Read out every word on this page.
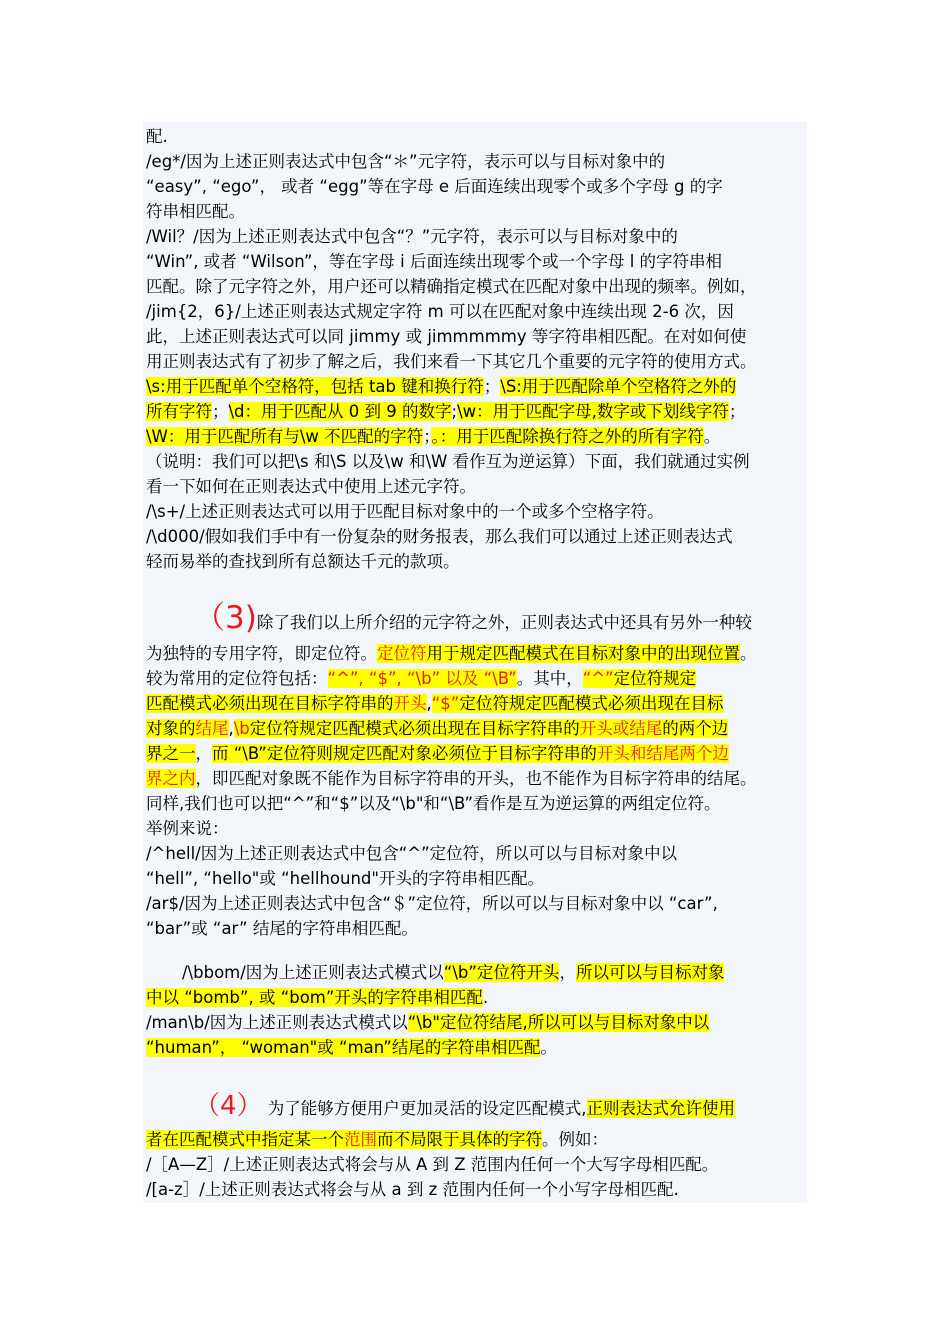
配.
/eg*/因为上述正则表达式中包含“＊”元字符，表示可以与目标对象中的
“easy”, “ego”， 或者 “egg”等在字母 e 后面连续出现零个或多个字母 g 的字
符串相匹配。
/Wil？/因为上述正则表达式中包含“？”元字符，表示可以与目标对象中的
“Win”, 或者 “Wilson”，等在字母 i 后面连续出现零个或一个字母 l 的字符串相
匹配。除了元字符之外，用户还可以精确指定模式在匹配对象中出现的频率。例如，
/jim{2，6}/上述正则表达式规定字符 m 可以在匹配对象中连续出现 2-6 次，因
此，上述正则表达式可以同 jimmy 或 jimmmmmy 等字符串相匹配。在对如何使
用正则表达式有了初步了解之后，我们来看一下其它几个重要的元字符的使用方式。
\s:用于匹配单个空格符，包括 tab 键和换行符；\S:用于匹配除单个空格符之外的
所有字符；\d：用于匹配从 0 到 9 的数字;\w：用于匹配字母,数字或下划线字符；
\W：用于匹配所有与\w 不匹配的字符；。：用于匹配除换行符之外的所有字符。
（说明：我们可以把\s 和\S 以及\w 和\W 看作互为逆运算）下面，我们就通过实例
看一下如何在正则表达式中使用上述元字符。
/\s+/上述正则表达式可以用于匹配目标对象中的一个或多个空格字符。
/\d000/假如我们手中有一份复杂的财务报表，那么我们可以通过上述正则表达式
轻而易举的查找到所有总额达千元的款项。
（3)除了我们以上所介绍的元字符之外，正则表达式中还具有另外一种较
为独特的专用字符，即定位符。定位符用于规定匹配模式在目标对象中的出现位置。
较为常用的定位符包括：“^”, “$”, “\b” 以及 “\B”。其中，“^”定位符规定
匹配模式必须出现在目标字符串的开头,“$”定位符规定匹配模式必须出现在目标
对象的结尾,\b定位符规定匹配模式必须出现在目标字符串的开头或结尾的两个边
界之一，而 “\B”定位符则规定匹配对象必须位于目标字符串的开头和结尾两个边
界之内，即匹配对象既不能作为目标字符串的开头，也不能作为目标字符串的结尾。
同样,我们也可以把“^”和“$”以及“\b"和“\B”看作是互为逆运算的两组定位符。
举例来说：
/^hell/因为上述正则表达式中包含“^”定位符，所以可以与目标对象中以
“hell”, “hello"或 “hellhound"开头的字符串相匹配。
/ar$/因为上述正则表达式中包含“＄”定位符，所以可以与目标对象中以 “car”,
“bar”或 “ar” 结尾的字符串相匹配。
/\bbom/因为上述正则表达式模式以“\b”定位符开头，所以可以与目标对象
中以 “bomb”, 或 “bom”开头的字符串相匹配.
/man\b/因为上述正则表达式模式以“\b"定位符结尾,所以可以与目标对象中以
“human”， “woman"或 “man”结尾的字符串相匹配。
（4） 为了能够方便用户更加灵活的设定匹配模式,正则表达式允许使用
者在匹配模式中指定某一个范围而不局限于具体的字符。例如：
/［A—Z］/上述正则表达式将会与从 A 到 Z 范围内任何一个大写字母相匹配。
/[a-z］/上述正则表达式将会与从 a 到 z 范围内任何一个小写字母相匹配.
